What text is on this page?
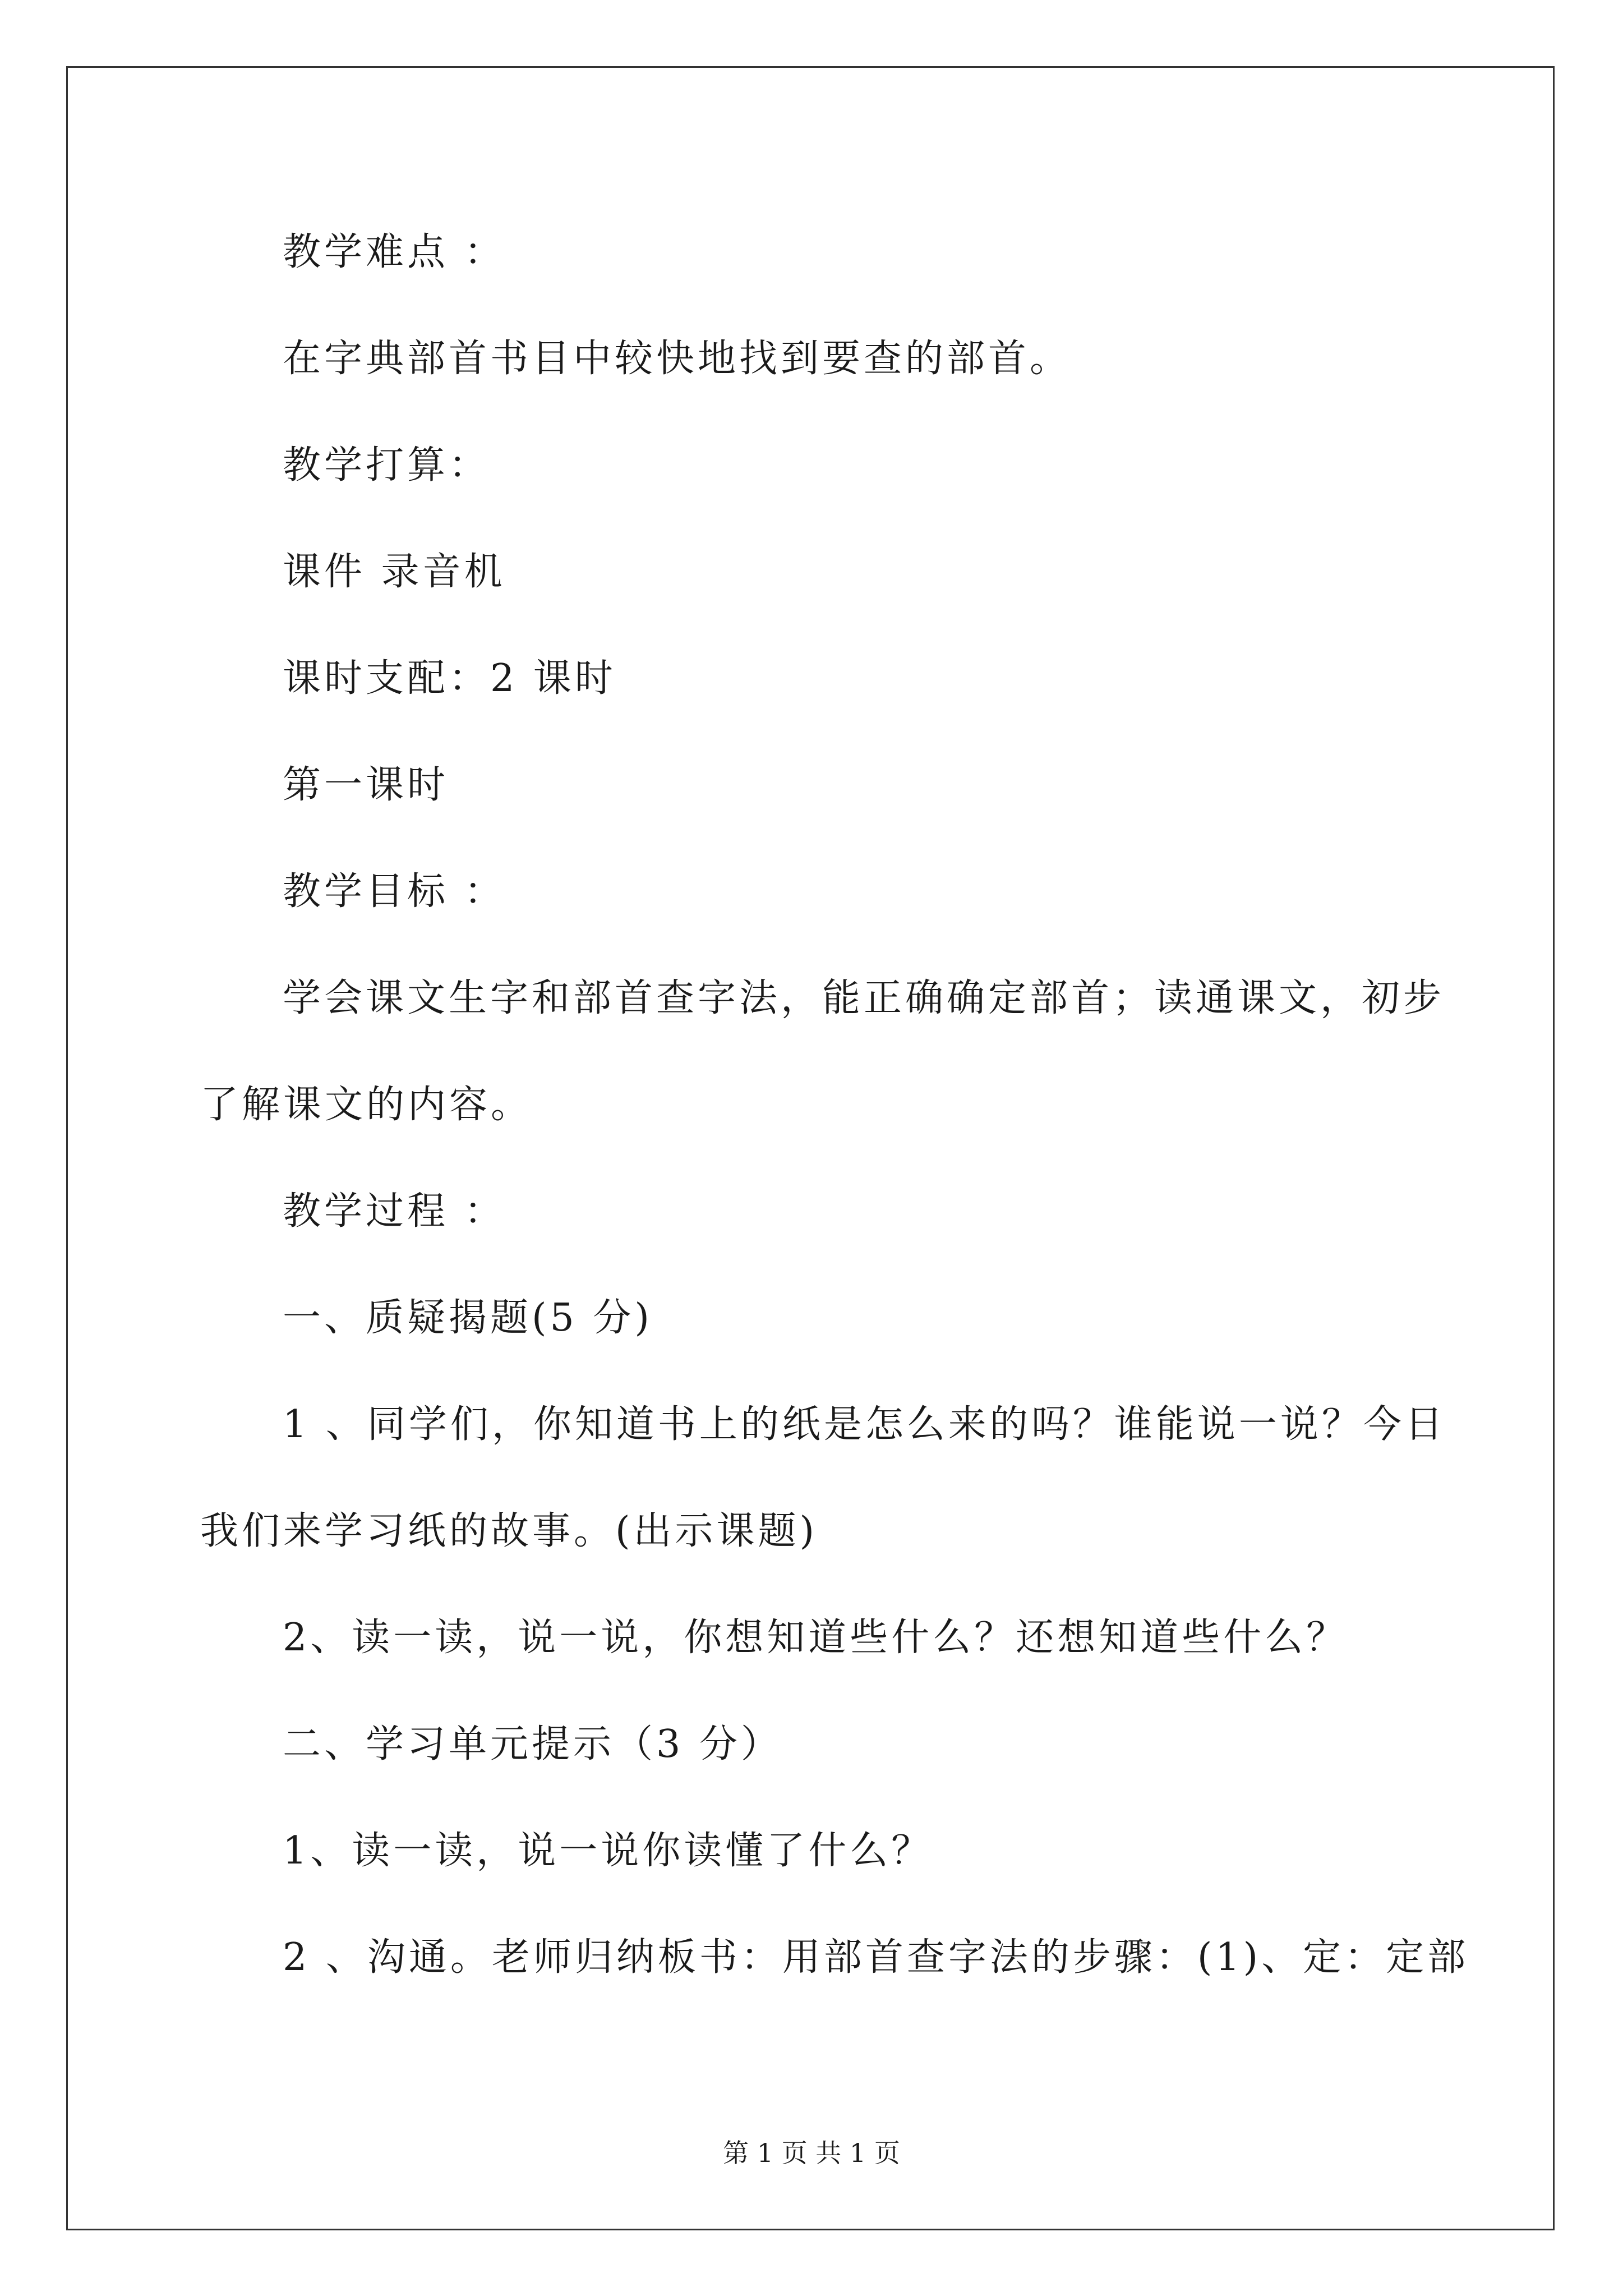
教学难点 ：
在字典部首书目中较快地找到要查的部首。
教学打算：
课件 录音机
课时支配：2 课时
第一课时
教学目标 ：
学会课文生字和部首查字法，能正确确定部首；读通课文，初步
了解课文的内容。
教学过程 ：
一、质疑揭题(5 分)
1 、同学们，你知道书上的纸是怎么来的吗？谁能说一说？今日
我们来学习纸的故事。(出示课题)
2、读一读，说一说，你想知道些什么？还想知道些什么？
二、学习单元提示（3 分）
1、读一读，说一说你读懂了什么？
2 、沟通。老师归纳板书：用部首查字法的步骤：(1)、定：定部
第 1 页 共 1 页
